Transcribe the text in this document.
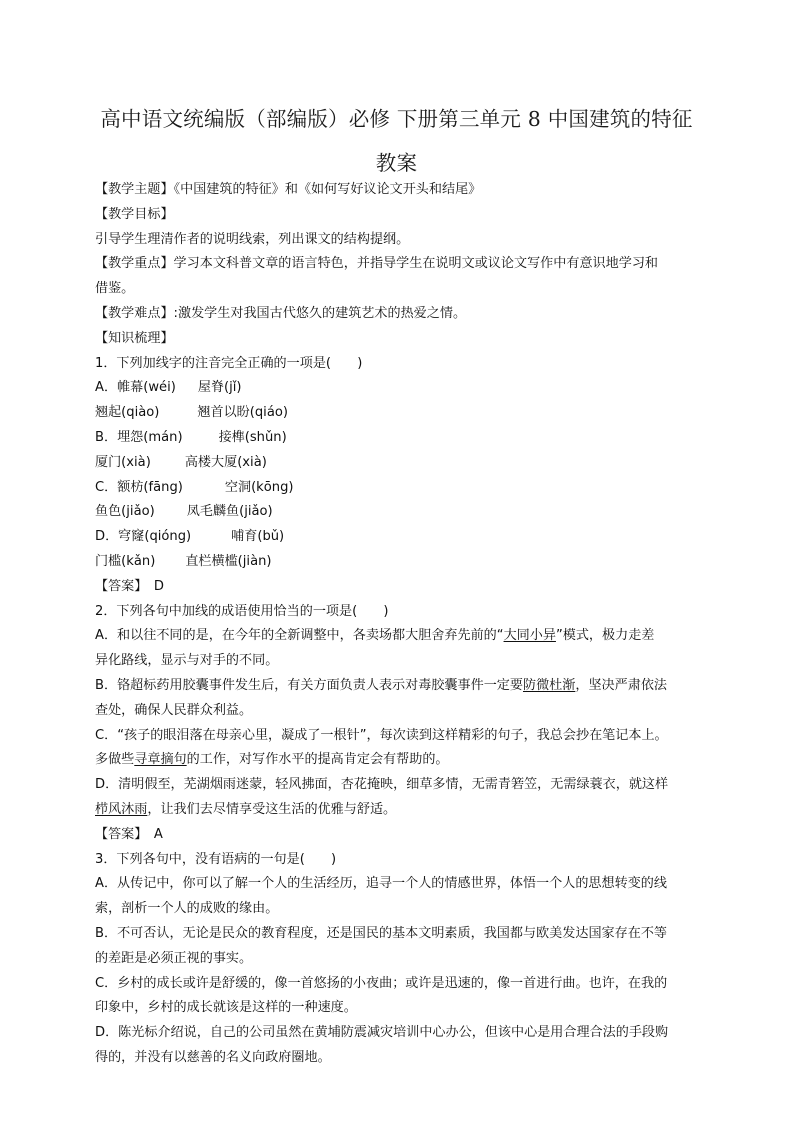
高中语文统编版（部编版）必修 下册第三单元 8 中国建筑的特征
教案

【教学主题】《中国建筑的特征》和《如何写好议论文开头和结尾》

【教学目标】

引导学生理清作者的说明线索，列出课文的结构提纲。

【教学重点】学习本文科普文章的语言特色，并指导学生在说明文或议论文写作中有意识地学习和

借鉴。

【教学难点】:激发学生对我国古代悠久的建筑艺术的热爱之情。

【知识梳理】

1．下列加线字的注音完全正确的一项是(　　)

A．帷幕(wéi) 屋脊(jǐ)

翘起(qiào)	翘首以盼(qiáo)

B．埋怨(mán)	接榫(shǔn)

厦门(xià)	高楼大厦(xià)

C．额枋(fāng)	空洞(kōng)

鱼色(jiǎo) 凤毛麟鱼(jiǎo)

D．穹窿(qióng)	哺育(bǔ)

门槛(kǎn) 直栏横槛(jiàn)

【答案】　D

2．下列各句中加线的成语使用恰当的一项是(　　)

A．和以往不同的是，在今年的全新调整中，各卖场都大胆舍弃先前的“大同小异”模式，极力走差

异化路线，显示与对手的不同。

B．铬超标药用胶囊事件发生后，有关方面负责人表示对毒胶囊事件一定要防微杜渐，坚决严肃依法

查处，确保人民群众利益。

C．“孩子的眼泪落在母亲心里，凝成了一根针”，每次读到这样精彩的句子，我总会抄在笔记本上。

多做些寻章摘句的工作，对写作水平的提高肯定会有帮助的。

D．清明假至，芜湖烟雨迷蒙，轻风拂面，杏花掩映，细草多情，无需青箬笠，无需绿蓑衣，就这样

栉风沐雨，让我们去尽情享受这生活的优雅与舒适。

【答案】　A

3．下列各句中，没有语病的一句是(　　)

A．从传记中，你可以了解一个人的生活经历，追寻一个人的情感世界，体悟一个人的思想转变的线

索，剖析一个人的成败的缘由。

B．不可否认，无论是民众的教育程度，还是国民的基本文明素质，我国都与欧美发达国家存在不等

的差距是必须正视的事实。

C．乡村的成长或许是舒缓的，像一首悠扬的小夜曲；或许是迅速的，像一首进行曲。也许，在我的

印象中，乡村的成长就该是这样的一种速度。

D．陈光标介绍说，自己的公司虽然在黄埔防震减灾培训中心办公，但该中心是用合理合法的手段购

得的，并没有以慈善的名义向政府圈地。
